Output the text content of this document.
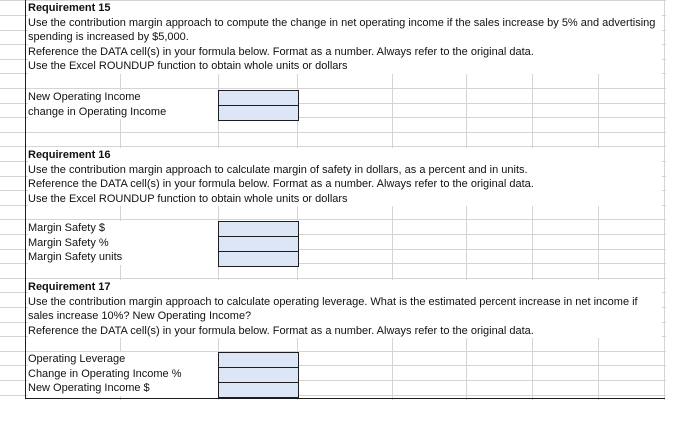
Requirement 15
Use the contribution margin approach to compute the change in net operating income if the sales increase by 5% and advertising spending is increased by $5,000.
Reference the DATA cell(s) in your formula below. Format as a number. Always refer to the original data.
Use the Excel ROUNDUP function to obtain whole units or dollars
New Operating Income
change in Operating Income
Requirement 16
Use the contribution margin approach to calculate margin of safety in dollars, as a percent and in units.
Reference the DATA cell(s) in your formula below. Format as a number. Always refer to the original data.
Use the Excel ROUNDUP function to obtain whole units or dollars
Margin Safety $
Margin Safety %
Margin Safety units
Requirement 17
Use the contribution margin approach to calculate operating leverage. What is the estimated percent increase in net income if sales increase 10%? New Operating Income?
Reference the DATA cell(s) in your formula below. Format as a number. Always refer to the original data.
Operating Leverage
Change in Operating Income %
New Operating Income $
